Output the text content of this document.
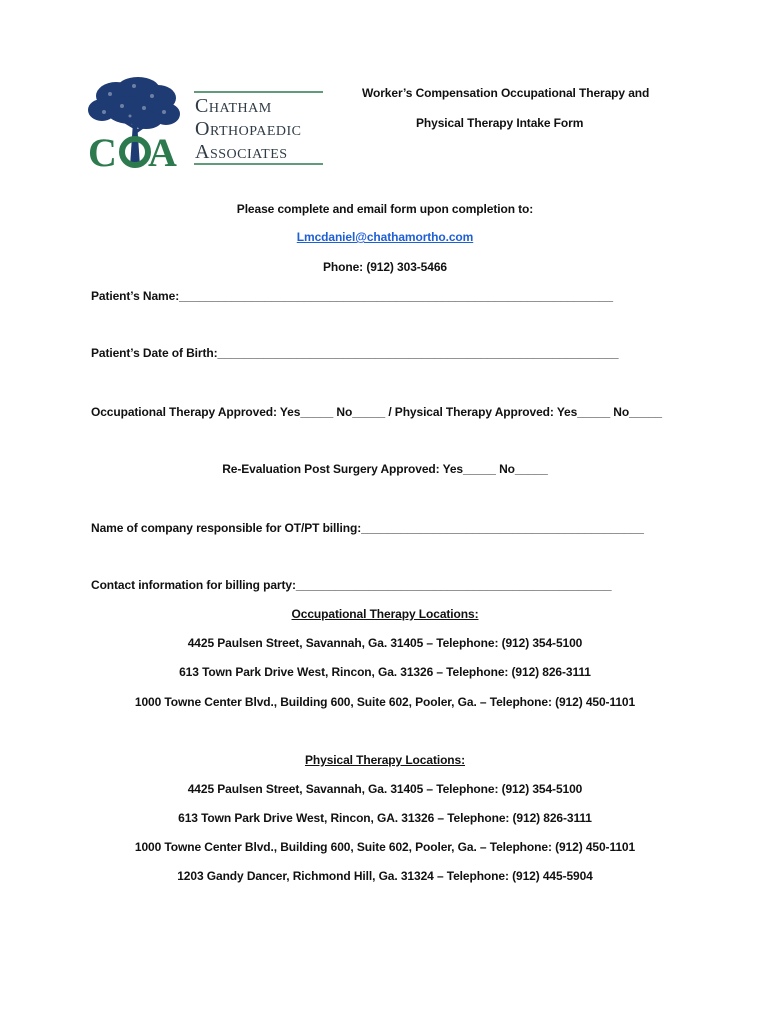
C A
Chatham
Orthopaedic
Associates
Worker’s Compensation Occupational Therapy and
Physical Therapy Intake Form
Please complete and email form upon completion to:
Lmcdaniel@chathamortho.com
Phone: (912) 303-5466
Patient’s Name:__________________________________________________________________
Patient’s Date of Birth:_____________________________________________________________
Occupational Therapy Approved: Yes_____ No_____ / Physical Therapy Approved: Yes_____ No_____
Re-Evaluation Post Surgery Approved: Yes_____ No_____
Name of company responsible for OT/PT billing:___________________________________________
Contact information for billing party:________________________________________________
Occupational Therapy Locations:
4425 Paulsen Street, Savannah, Ga. 31405 – Telephone: (912) 354-5100
613 Town Park Drive West, Rincon, Ga. 31326 – Telephone: (912) 826-3111
1000 Towne Center Blvd., Building 600, Suite 602, Pooler, Ga. – Telephone: (912) 450-1101
Physical Therapy Locations:
4425 Paulsen Street, Savannah, Ga. 31405 – Telephone: (912) 354-5100
613 Town Park Drive West, Rincon, GA. 31326 – Telephone: (912) 826-3111
1000 Towne Center Blvd., Building 600, Suite 602, Pooler, Ga. – Telephone: (912) 450-1101
1203 Gandy Dancer, Richmond Hill, Ga. 31324 – Telephone: (912) 445-5904
